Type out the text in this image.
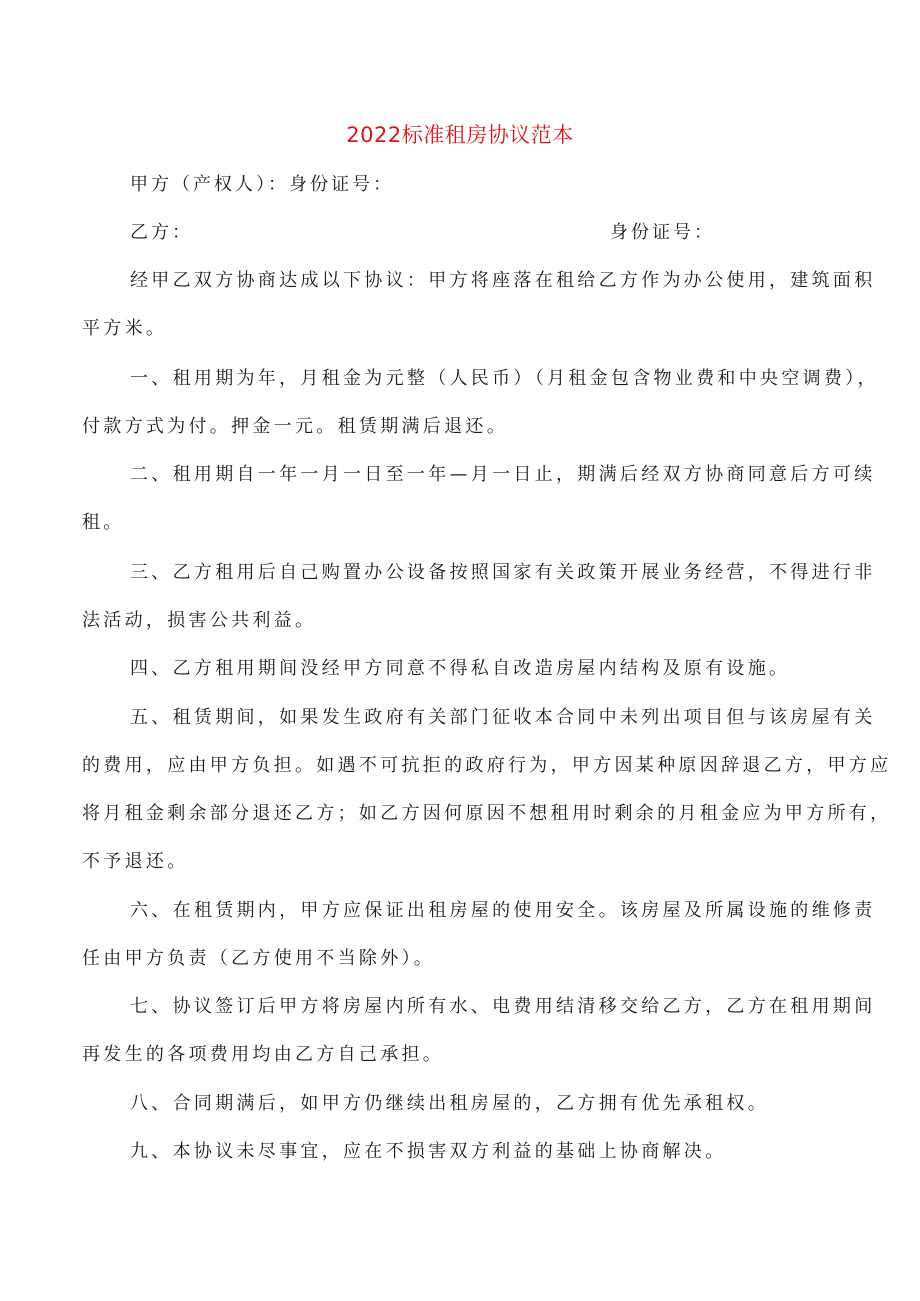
2022标准租房协议范本
甲方（产权人）：身份证号：
乙方：	身份证号：
经甲乙双方协商达成以下协议：甲方将座落在租给乙方作为办公使用，建筑面积
平方米。
一、租用期为年，月租金为元整（人民币）（月租金包含物业费和中央空调费），
付款方式为付。押金一元。租赁期满后退还。
二、租用期自一年一月一日至一年—月一日止，期满后经双方协商同意后方可续
租。
三、乙方租用后自己购置办公设备按照国家有关政策开展业务经营，不得进行非
法活动，损害公共利益。
四、乙方租用期间没经甲方同意不得私自改造房屋内结构及原有设施。
五、租赁期间，如果发生政府有关部门征收本合同中未列出项目但与该房屋有关
的费用，应由甲方负担。如遇不可抗拒的政府行为，甲方因某种原因辞退乙方，甲方应
将月租金剩余部分退还乙方；如乙方因何原因不想租用时剩余的月租金应为甲方所有，
不予退还。
六、在租赁期内，甲方应保证出租房屋的使用安全。该房屋及所属设施的维修责
任由甲方负责（乙方使用不当除外）。
七、协议签订后甲方将房屋内所有水、电费用结清移交给乙方，乙方在租用期间
再发生的各项费用均由乙方自己承担。
八、合同期满后，如甲方仍继续出租房屋的，乙方拥有优先承租权。
九、本协议未尽事宜，应在不损害双方利益的基础上协商解决。
